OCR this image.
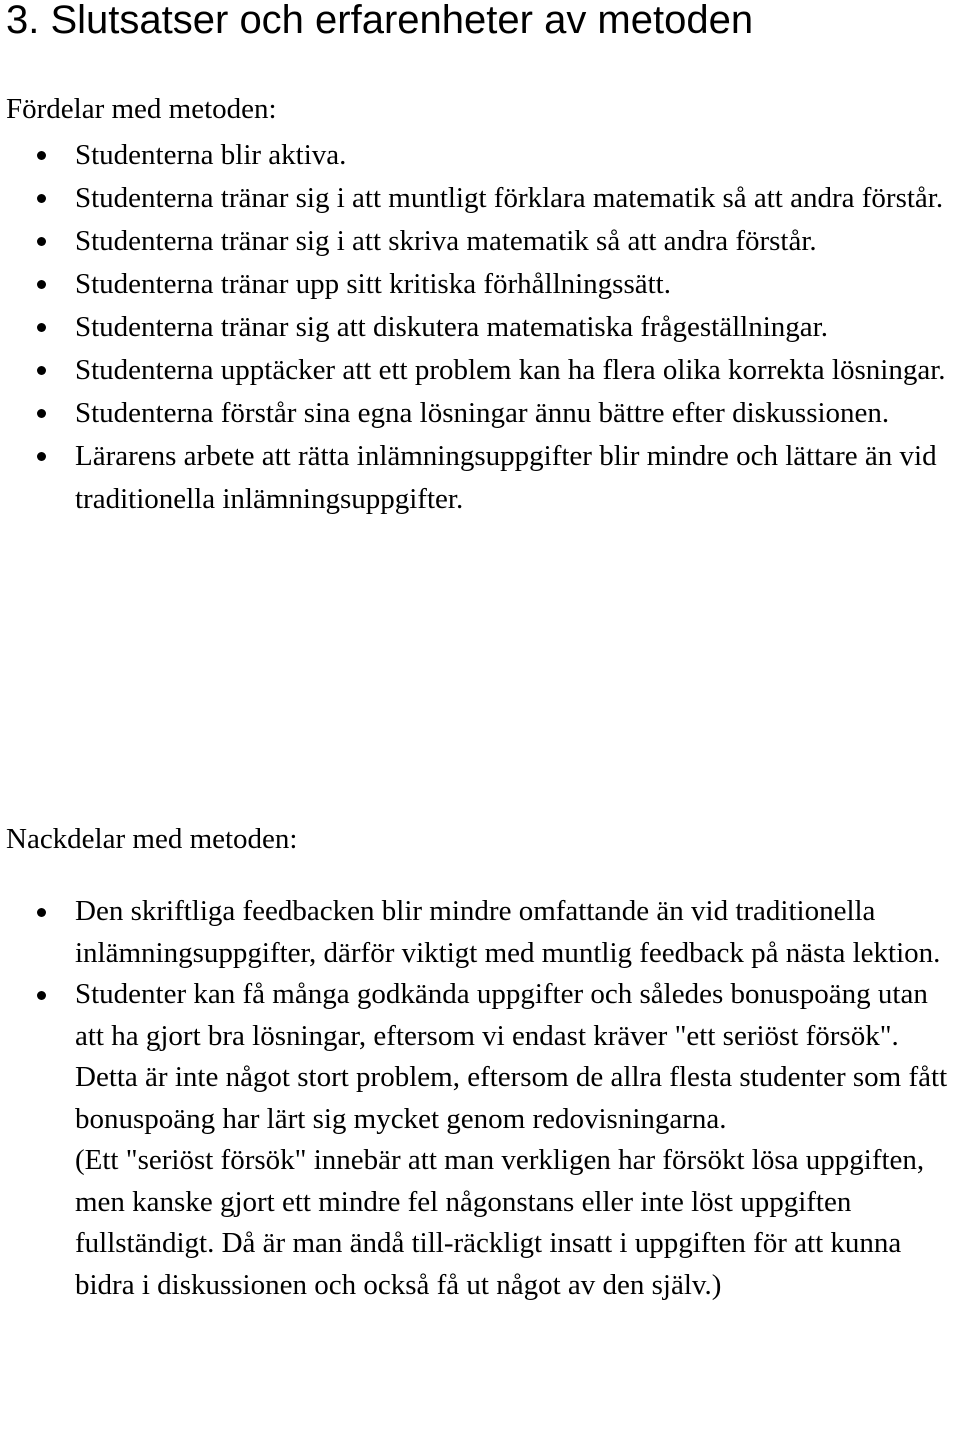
3. Slutsatser och erfarenheter av metoden
Fördelar med metoden:
Studenterna blir aktiva.
Studenterna tränar sig i att muntligt förklara matematik så att andra förstår.
Studenterna tränar sig i att skriva matematik så att andra förstår.
Studenterna tränar upp sitt kritiska förhållningssätt.
Studenterna tränar sig att diskutera matematiska frågeställningar.
Studenterna upptäcker att ett problem kan ha flera olika korrekta lösningar.
Studenterna förstår sina egna lösningar ännu bättre efter diskussionen.
Lärarens arbete att rätta inlämningsuppgifter blir mindre och lättare än vid traditionella inlämningsuppgifter.
Nackdelar med metoden:
Den skriftliga feedbacken blir mindre omfattande än vid traditionella inlämningsuppgifter, därför viktigt med muntlig feedback på nästa lektion.
Studenter kan få många godkända uppgifter och således bonuspoäng utan att ha gjort bra lösningar, eftersom vi endast kräver "ett seriöst försök". Detta är inte något stort problem, eftersom de allra flesta studenter som fått bonuspoäng har lärt sig mycket genom redovisningarna.
(Ett "seriöst försök" innebär att man verkligen har försökt lösa uppgiften, men kanske gjort ett mindre fel någonstans eller inte löst uppgiften fullständigt. Då är man ändå till-räckligt insatt i uppgiften för att kunna bidra i diskussionen och också få ut något av den själv.)
